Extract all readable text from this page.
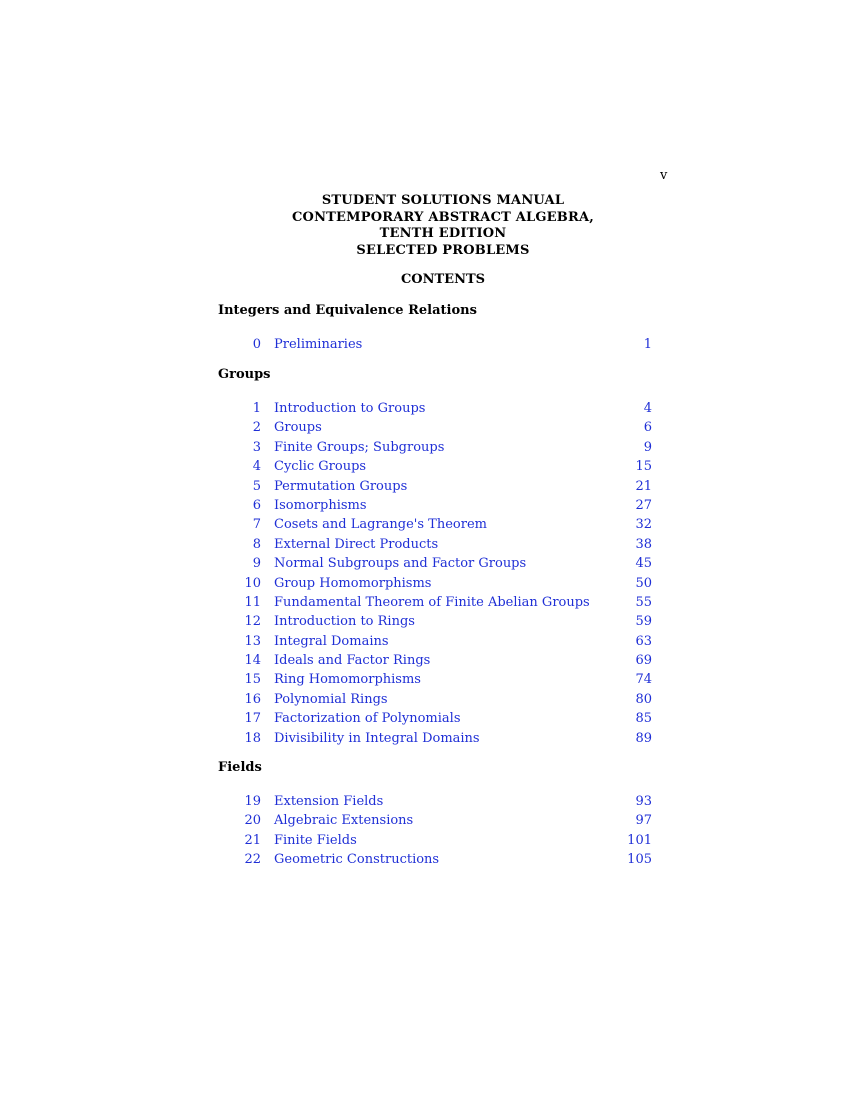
v
STUDENT SOLUTIONS MANUAL
CONTEMPORARY ABSTRACT ALGEBRA,
TENTH EDITION
SELECTED PROBLEMS
CONTENTS
Integers and Equivalence Relations
0 Preliminaries	1
Groups
1 Introduction to Groups	4
2 Groups	6
3 Finite Groups; Subgroups	9
4 Cyclic Groups	15
5 Permutation Groups	21
6 Isomorphisms	27
7 Cosets and Lagrange's Theorem	32
8 External Direct Products	38
9 Normal Subgroups and Factor Groups	45
10 Group Homomorphisms	50
11 Fundamental Theorem of Finite Abelian Groups	55
12 Introduction to Rings	59
13 Integral Domains	63
14 Ideals and Factor Rings	69
15 Ring Homomorphisms	74
16 Polynomial Rings	80
17 Factorization of Polynomials	85
18 Divisibility in Integral Domains	89
Fields
19 Extension Fields	93
20 Algebraic Extensions	97
21 Finite Fields	101
22 Geometric Constructions	105
